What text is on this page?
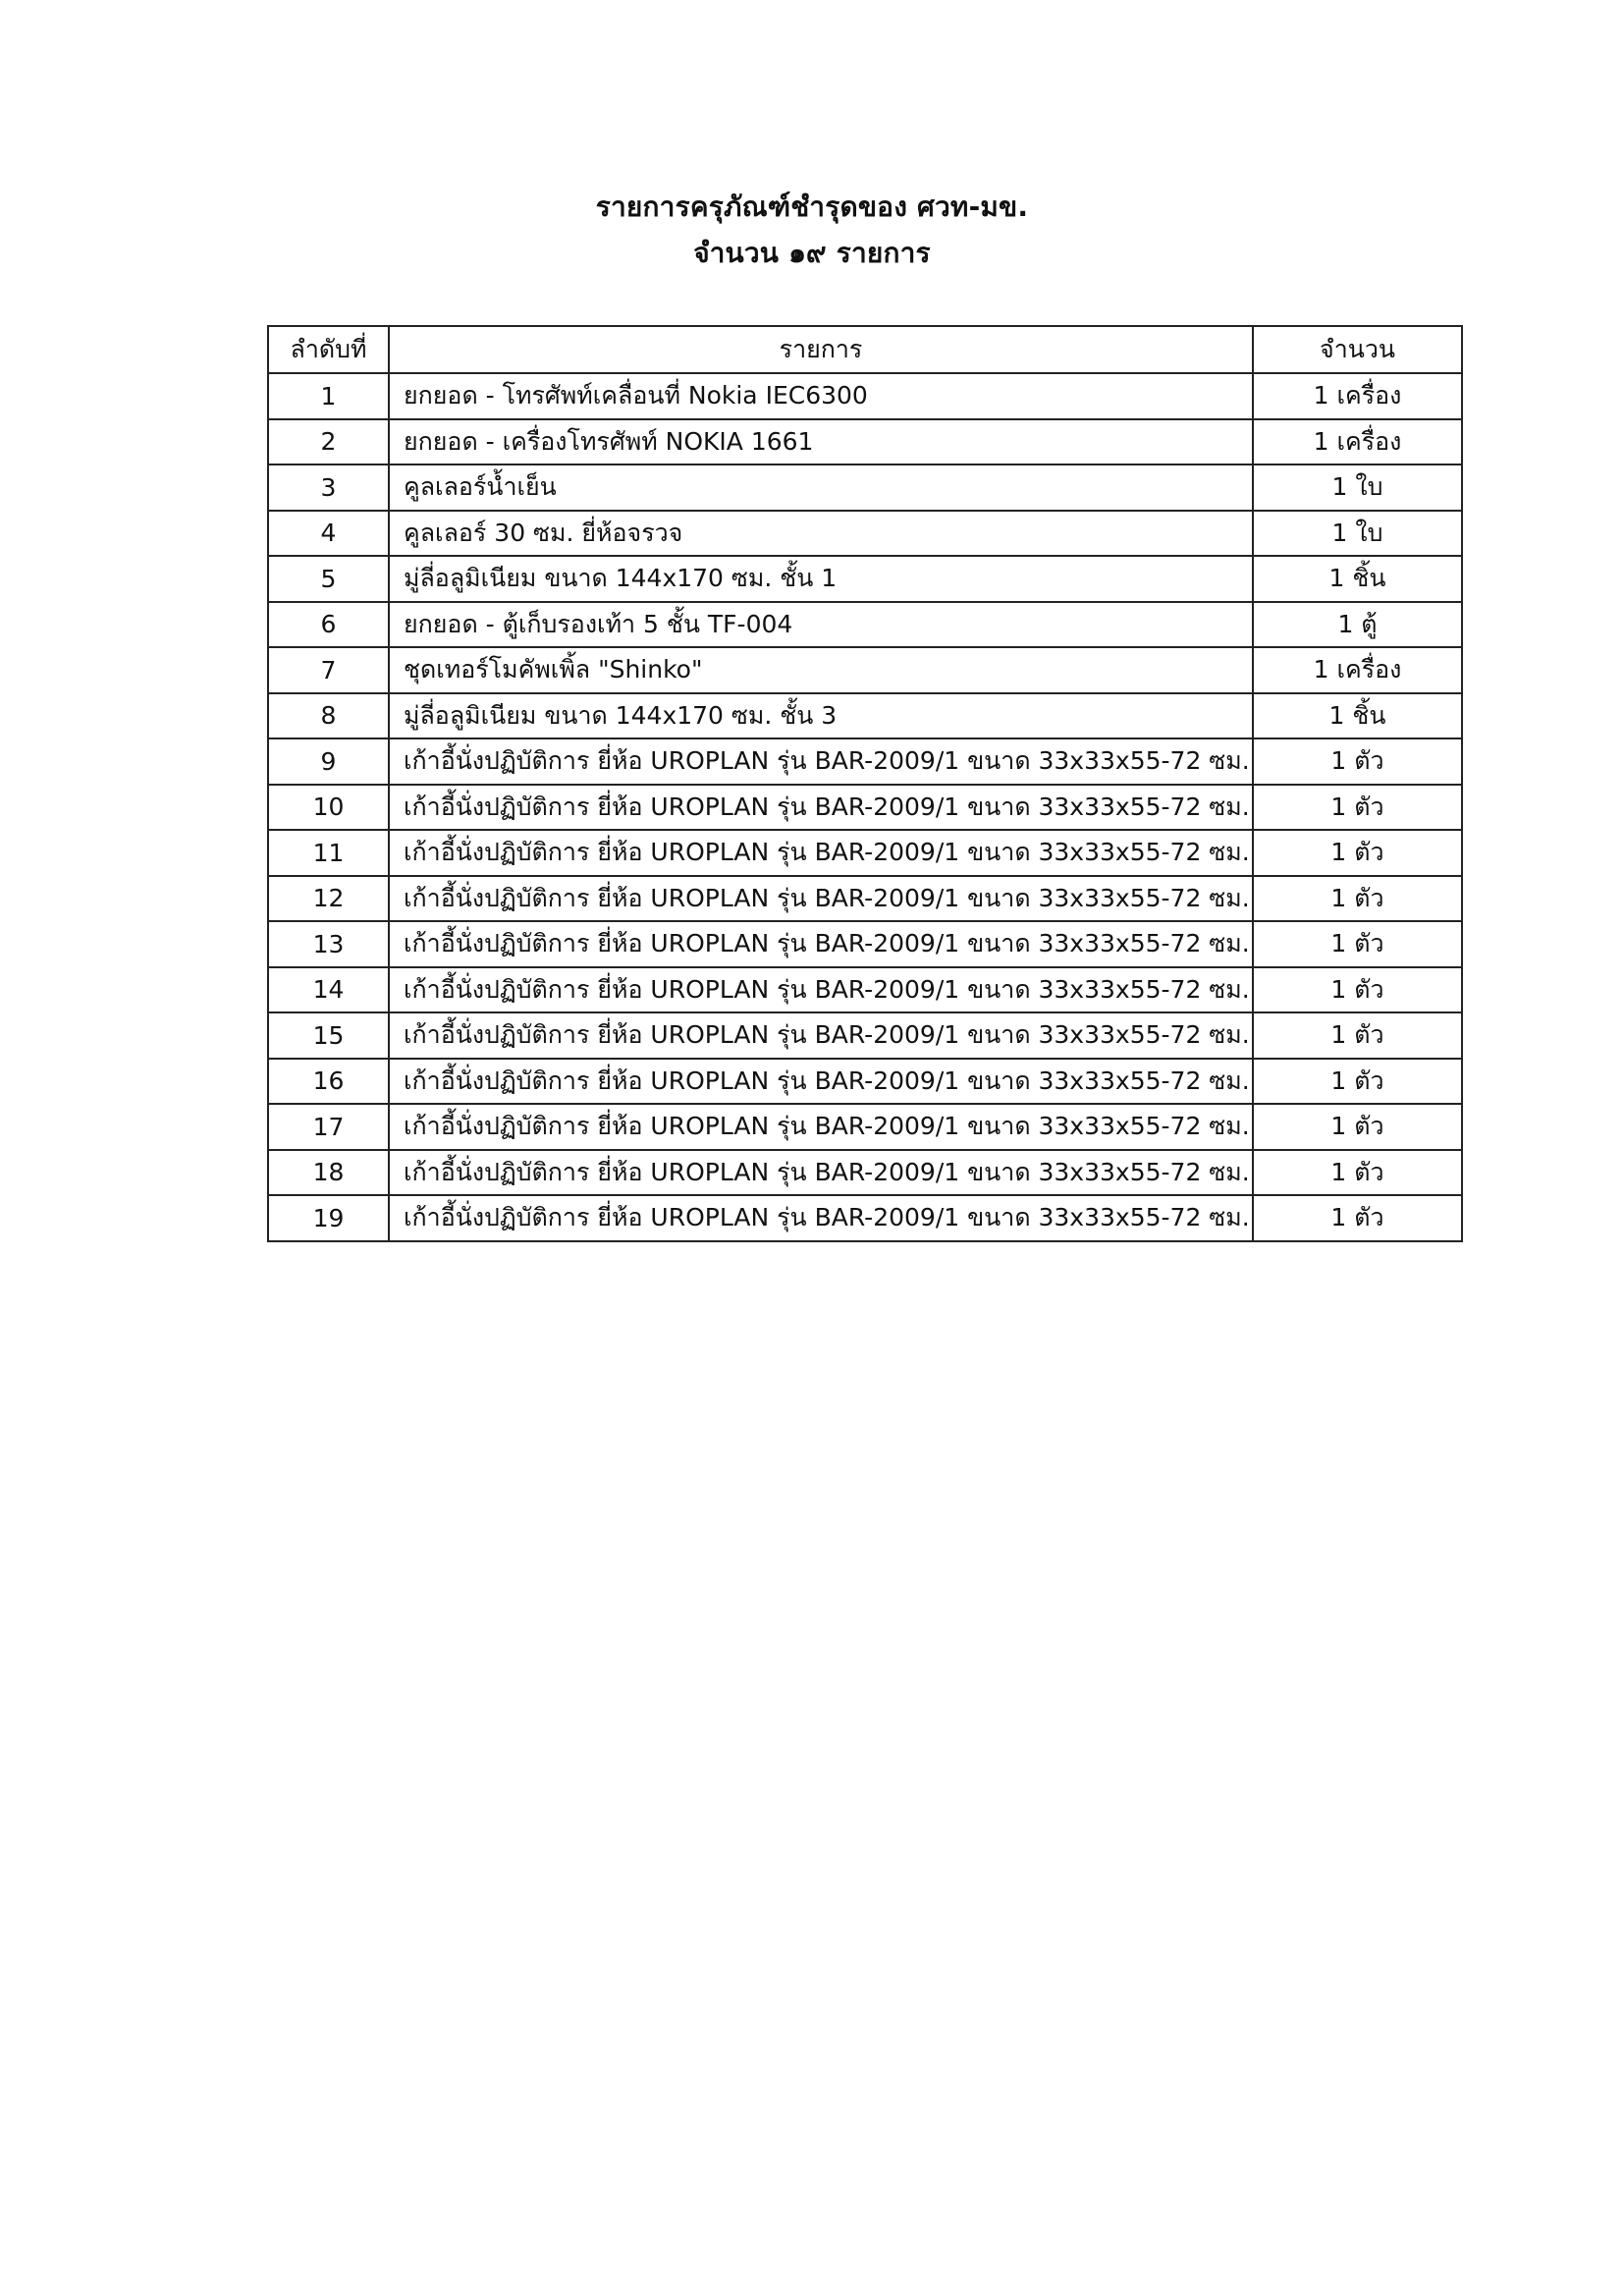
รายการครุภัณฑ์ชำรุดของ ศวท-มข.
จำนวน ๑๙ รายการ
ลำดับที่	รายการ	จำนวน
1	ยกยอด - โทรศัพท์เคลื่อนที่ Nokia IEC6300	1 เครื่อง
2	ยกยอด - เครื่องโทรศัพท์ NOKIA 1661	1 เครื่อง
3	คูลเลอร์น้ำเย็น	1 ใบ
4	คูลเลอร์ 30 ซม. ยี่ห้อจรวจ	1 ใบ
5	มู่ลี่อลูมิเนียม ขนาด 144x170 ซม. ชั้น 1	1 ชิ้น
6	ยกยอด - ตู้เก็บรองเท้า 5 ชั้น TF-004	1 ตู้
7	ชุดเทอร์โมคัพเพิ้ล "Shinko"	1 เครื่อง
8	มู่ลี่อลูมิเนียม ขนาด 144x170 ซม. ชั้น 3	1 ชิ้น
9	เก้าอี้นั่งปฏิบัติการ ยี่ห้อ UROPLAN รุ่น BAR-2009/1 ขนาด 33x33x55-72 ซม.	1 ตัว
10	เก้าอี้นั่งปฏิบัติการ ยี่ห้อ UROPLAN รุ่น BAR-2009/1 ขนาด 33x33x55-72 ซม.	1 ตัว
11	เก้าอี้นั่งปฏิบัติการ ยี่ห้อ UROPLAN รุ่น BAR-2009/1 ขนาด 33x33x55-72 ซม.	1 ตัว
12	เก้าอี้นั่งปฏิบัติการ ยี่ห้อ UROPLAN รุ่น BAR-2009/1 ขนาด 33x33x55-72 ซม.	1 ตัว
13	เก้าอี้นั่งปฏิบัติการ ยี่ห้อ UROPLAN รุ่น BAR-2009/1 ขนาด 33x33x55-72 ซม.	1 ตัว
14	เก้าอี้นั่งปฏิบัติการ ยี่ห้อ UROPLAN รุ่น BAR-2009/1 ขนาด 33x33x55-72 ซม.	1 ตัว
15	เก้าอี้นั่งปฏิบัติการ ยี่ห้อ UROPLAN รุ่น BAR-2009/1 ขนาด 33x33x55-72 ซม.	1 ตัว
16	เก้าอี้นั่งปฏิบัติการ ยี่ห้อ UROPLAN รุ่น BAR-2009/1 ขนาด 33x33x55-72 ซม.	1 ตัว
17	เก้าอี้นั่งปฏิบัติการ ยี่ห้อ UROPLAN รุ่น BAR-2009/1 ขนาด 33x33x55-72 ซม.	1 ตัว
18	เก้าอี้นั่งปฏิบัติการ ยี่ห้อ UROPLAN รุ่น BAR-2009/1 ขนาด 33x33x55-72 ซม.	1 ตัว
19	เก้าอี้นั่งปฏิบัติการ ยี่ห้อ UROPLAN รุ่น BAR-2009/1 ขนาด 33x33x55-72 ซม.	1 ตัว
